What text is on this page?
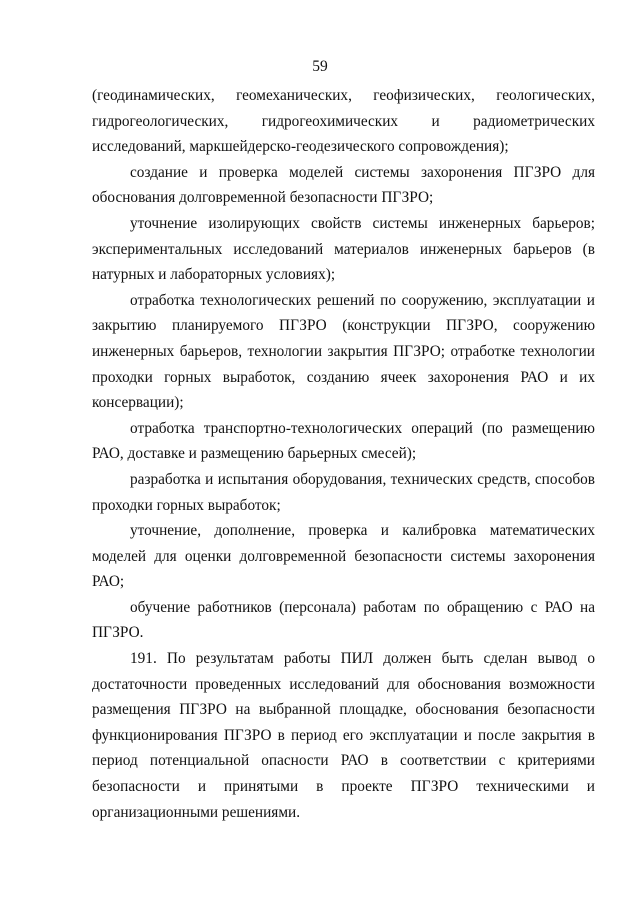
59

(геодинамических, геомеханических, геофизических, геологических, гидрогеологических, гидрогеохимических и радиометрических исследований, маркшейдерско-геодезического сопровождения);

создание и проверка моделей системы захоронения ПГЗРО для обоснования долговременной безопасности ПГЗРО;

уточнение изолирующих свойств системы инженерных барьеров; экспериментальных исследований материалов инженерных барьеров (в натурных и лабораторных условиях);

отработка технологических решений по сооружению, эксплуатации и закрытию планируемого ПГЗРО (конструкции ПГЗРО, сооружению инженерных барьеров, технологии закрытия ПГЗРО; отработке технологии проходки горных выработок, созданию ячеек захоронения РАО и их консервации);

отработка транспортно-технологических операций (по размещению РАО, доставке и размещению барьерных смесей);

разработка и испытания оборудования, технических средств, способов проходки горных выработок;

уточнение, дополнение, проверка и калибровка математических моделей для оценки долговременной безопасности системы захоронения РАО;

обучение работников (персонала) работам по обращению с РАО на ПГЗРО.

191. По результатам работы ПИЛ должен быть сделан вывод о достаточности проведенных исследований для обоснования возможности размещения ПГЗРО на выбранной площадке, обоснования безопасности функционирования ПГЗРО в период его эксплуатации и после закрытия в период потенциальной опасности РАО в соответствии с критериями безопасности и принятыми в проекте ПГЗРО техническими и организационными решениями.
